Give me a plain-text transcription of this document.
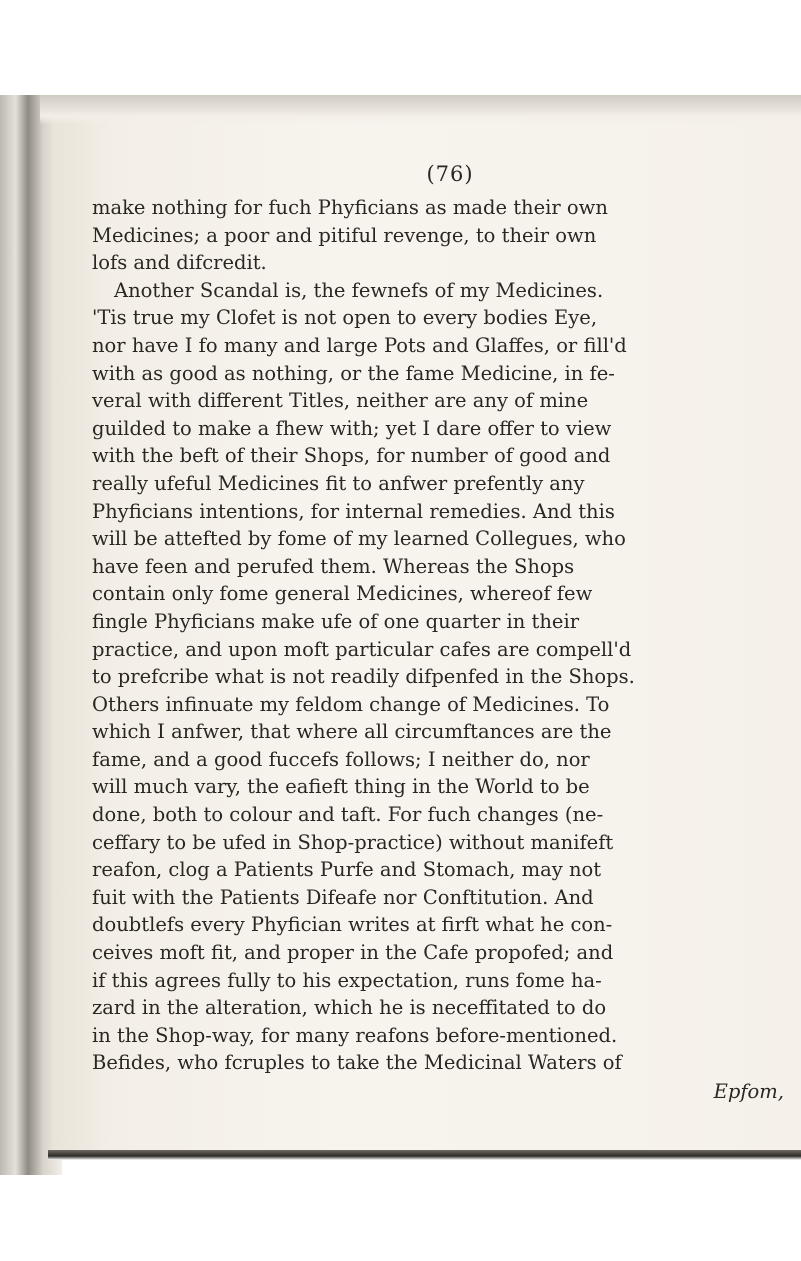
(76)
make nothing for fuch Phyficians as made their own
Medicines; a poor and pitiful revenge, to their own
lofs and difcredit.
Another Scandal is, the fewnefs of my Medicines.
'Tis true my Clofet is not open to every bodies Eye,
nor have I fo many and large Pots and Glaffes, or fill'd
with as good as nothing, or the fame Medicine, in fe-
veral with different Titles, neither are any of mine
guilded to make a fhew with; yet I dare offer to view
with the beft of their Shops, for number of good and
really ufeful Medicines fit to anfwer prefently any
Phyficians intentions, for internal remedies. And this
will be attefted by fome of my learned Collegues, who
have feen and perufed them. Whereas the Shops
contain only fome general Medicines, whereof few
fingle Phyficians make ufe of one quarter in their
practice, and upon moft particular cafes are compell'd
to prefcribe what is not readily difpenfed in the Shops.
Others infinuate my feldom change of Medicines. To
which I anfwer, that where all circumftances are the
fame, and a good fuccefs follows; I neither do, nor
will much vary, the eafieft thing in the World to be
done, both to colour and taft. For fuch changes (ne-
ceffary to be ufed in Shop-practice) without manifeft
reafon, clog a Patients Purfe and Stomach, may not
fuit with the Patients Difeafe nor Conftitution. And
doubtlefs every Phyfician writes at firft what he con-
ceives moft fit, and proper in the Cafe propofed; and
if this agrees fully to his expectation, runs fome ha-
zard in the alteration, which he is neceffitated to do
in the Shop-way, for many reafons before-mentioned.
Befides, who fcruples to take the Medicinal Waters of
Epfom,
